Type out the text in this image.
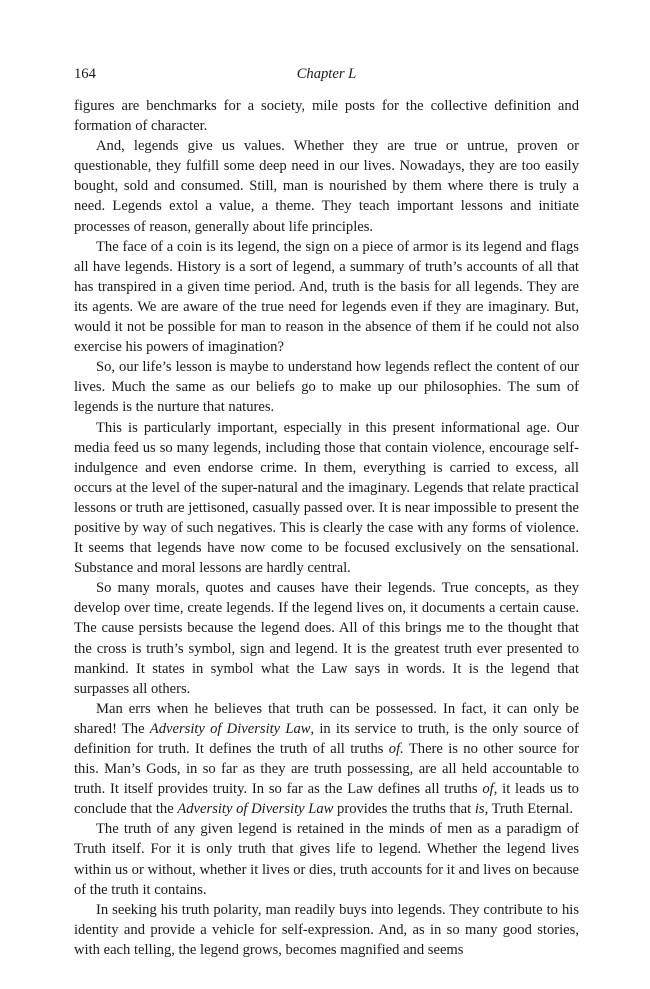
164	Chapter L

figures are benchmarks for a society, mile posts for the collective definition and formation of character.

And, legends give us values. Whether they are true or untrue, proven or questionable, they fulfill some deep need in our lives. Nowadays, they are too easily bought, sold and consumed. Still, man is nourished by them where there is truly a need. Legends extol a value, a theme. They teach important lessons and initiate processes of reason, generally about life principles.

The face of a coin is its legend, the sign on a piece of armor is its legend and flags all have legends. History is a sort of legend, a summary of truth’s accounts of all that has transpired in a given time period. And, truth is the basis for all legends. They are its agents. We are aware of the true need for legends even if they are imaginary. But, would it not be possible for man to reason in the absence of them if he could not also exercise his powers of imagination?

So, our life’s lesson is maybe to understand how legends reflect the content of our lives. Much the same as our beliefs go to make up our philosophies. The sum of legends is the nurture that natures.

This is particularly important, especially in this present informational age. Our media feed us so many legends, including those that contain violence, encourage self-indulgence and even endorse crime. In them, everything is carried to excess, all occurs at the level of the super-natural and the imaginary. Legends that relate practical lessons or truth are jettisoned, casually passed over. It is near impossible to present the positive by way of such negatives. This is clearly the case with any forms of violence. It seems that legends have now come to be focused exclusively on the sensational. Substance and moral lessons are hardly central.

So many morals, quotes and causes have their legends. True concepts, as they develop over time, create legends. If the legend lives on, it documents a certain cause. The cause persists because the legend does. All of this brings me to the thought that the cross is truth’s symbol, sign and legend. It is the greatest truth ever presented to mankind. It states in symbol what the Law says in words. It is the legend that surpasses all others.

Man errs when he believes that truth can be possessed. In fact, it can only be shared! The Adversity of Diversity Law, in its service to truth, is the only source of definition for truth. It defines the truth of all truths of. There is no other source for this. Man’s Gods, in so far as they are truth possessing, are all held accountable to truth. It itself provides truity. In so far as the Law defines all truths of, it leads us to conclude that the Adversity of Diversity Law provides the truths that is, Truth Eternal.

The truth of any given legend is retained in the minds of men as a paradigm of Truth itself. For it is only truth that gives life to legend. Whether the legend lives within us or without, whether it lives or dies, truth accounts for it and lives on because of the truth it contains.

In seeking his truth polarity, man readily buys into legends. They contribute to his identity and provide a vehicle for self-expression. And, as in so many good stories, with each telling, the legend grows, becomes magnified and seems
